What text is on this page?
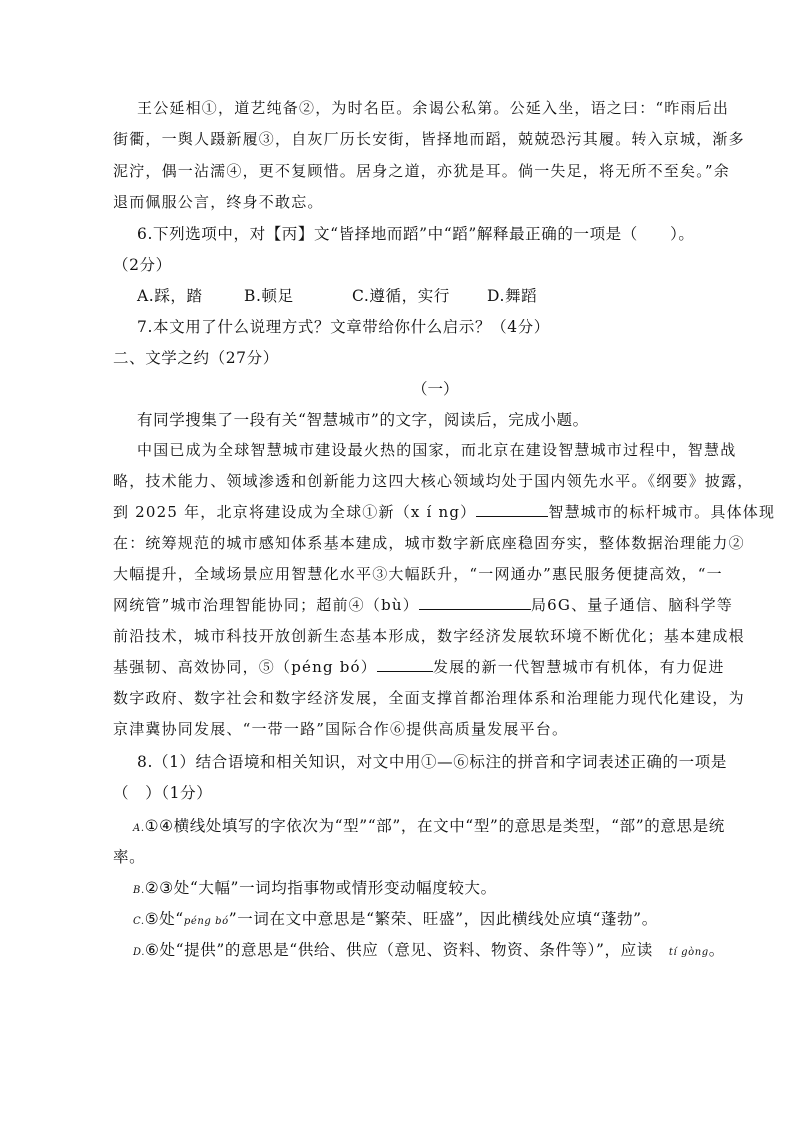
王公延相①，道艺纯备②，为时名臣。余谒公私第。公延入坐，语之曰：“昨雨后出
街衢，一舆人蹑新履③，自灰厂历长安街，皆择地而蹈，兢兢恐污其履。转入京城，渐多
泥泞，偶一沾濡④，更不复顾惜。居身之道，亦犹是耳。倘一失足，将无所不至矣。”余
退而佩服公言，终身不敢忘。
6.下列选项中，对【丙】文“皆择地而蹈”中“蹈”解释最正确的一项是（　　）。
（2分）
A.踩，踏	B.顿足	C.遵循，实行 D.舞蹈
7.本文用了什么说理方式？文章带给你什么启示？（4分）
二、文学之约（27分）
（一）
有同学搜集了一段有关“智慧城市”的文字，阅读后，完成小题。
中国已成为全球智慧城市建设最火热的国家，而北京在建设智慧城市过程中，智慧战
略，技术能力、领域渗透和创新能力这四大核心领域均处于国内领先水平。《纲要》披露，
到 2025 年，北京将建设成为全球①新（x í ng）	智慧城市的标杆城市。具体体现
在：统筹规范的城市感知体系基本建成，城市数字新底座稳固夯实，整体数据治理能力②
大幅提升，全域场景应用智慧化水平③大幅跃升，“一网通办”惠民服务便捷高效，“一
网统管”城市治理智能协同；超前④（bù）	局6G、量子通信、脑科学等
前沿技术，城市科技开放创新生态基本形成，数字经济发展软环境不断优化；基本建成根
基强韧、高效协同，⑤（péng bó）	发展的新一代智慧城市有机体，有力促进
数字政府、数字社会和数字经济发展，全面支撑首都治理体系和治理能力现代化建设，为
京津冀协同发展、“一带一路”国际合作⑥提供高质量发展平台。
8.（1）结合语境和相关知识，对文中用①—⑥标注的拼音和字词表述正确的一项是
（　）（1分）
A.①④横线处填写的字依次为“型”“部”，在文中“型”的意思是类型，“部”的意思是统
率。
B.②③处“大幅”一词均指事物或情形变动幅度较大。
C.⑤处“péng bó”一词在文中意思是“繁荣、旺盛”，因此横线处应填“蓬勃”。
D.⑥处“提供”的意思是“供给、供应（意见、资料、物资、条件等）”，应读　 tí gòng。
